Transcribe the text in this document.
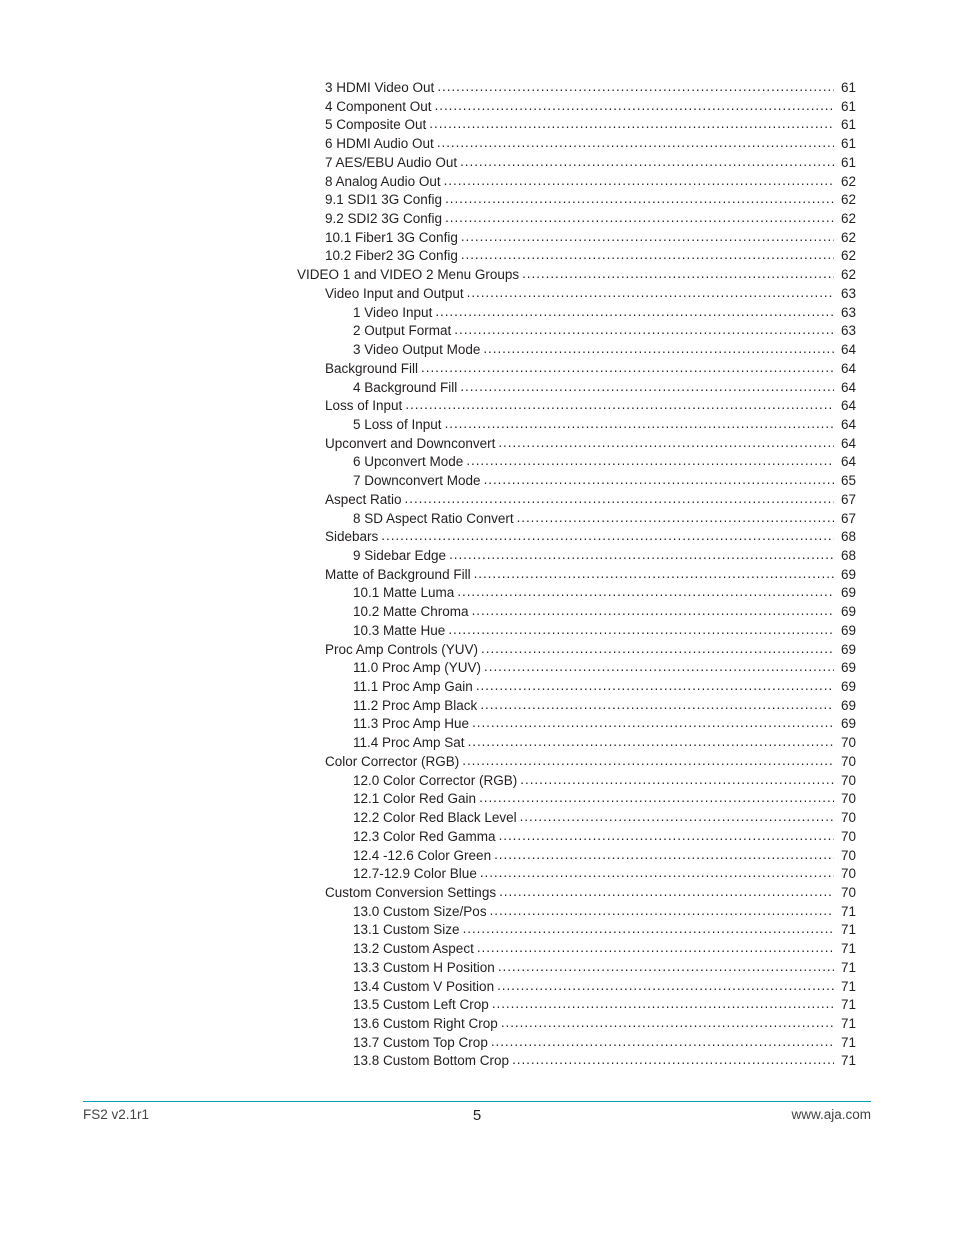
3 HDMI Video Out . . .	61
4 Component Out . . .	61
5 Composite Out . . .	61
6 HDMI Audio Out . . .	61
7 AES/EBU Audio Out . . .	61
8 Analog Audio Out . . .	62
9.1 SDI1 3G Config . . .	62
9.2 SDI2 3G Config . . .	62
10.1 Fiber1 3G Config . . .	62
10.2 Fiber2 3G Config . . .	62
VIDEO 1 and VIDEO 2 Menu Groups . . .	62
Video Input and Output . . .	63
1 Video Input . . .	63
2 Output Format . . .	63
3 Video Output Mode . . .	64
Background Fill . . .	64
4 Background Fill . . .	64
Loss of Input . . .	64
5 Loss of Input . . .	64
Upconvert and Downconvert . . .	64
6 Upconvert Mode . . .	64
7 Downconvert Mode . . .	65
Aspect Ratio . . .	67
8 SD Aspect Ratio Convert . . .	67
Sidebars . . .	68
9 Sidebar Edge . . .	68
Matte of Background Fill . . .	69
10.1 Matte Luma . . .	69
10.2 Matte Chroma . . .	69
10.3 Matte Hue . . .	69
Proc Amp Controls (YUV) . . .	69
11.0 Proc Amp (YUV) . . .	69
11.1 Proc Amp Gain . . .	69
11.2 Proc Amp Black . . .	69
11.3 Proc Amp Hue . . .	69
11.4 Proc Amp Sat . . .	70
Color Corrector (RGB) . . .	70
12.0 Color Corrector (RGB) . . .	70
12.1 Color Red Gain . . .	70
12.2 Color Red Black Level . . .	70
12.3 Color Red Gamma . . .	70
12.4 -12.6 Color Green . . .	70
12.7-12.9 Color Blue . . .	70
Custom Conversion Settings . . .	70
13.0 Custom Size/Pos . . .	71
13.1 Custom Size . . .	71
13.2 Custom Aspect . . .	71
13.3 Custom H Position . . .	71
13.4 Custom V Position . . .	71
13.5 Custom Left Crop . . .	71
13.6 Custom Right Crop . . .	71
13.7 Custom Top Crop . . .	71
13.8 Custom Bottom Crop . . .	71
FS2 v2.1r1	5	www.aja.com
